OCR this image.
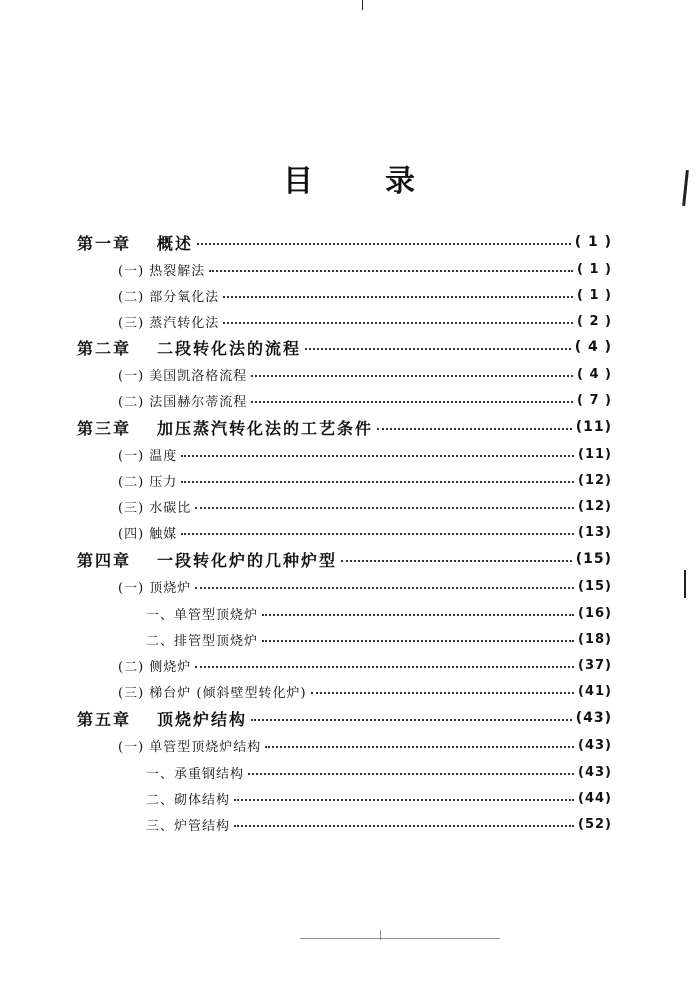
目 录
第一章 概述	( 1 )
(一) 热裂解法	( 1 )
(二) 部分氧化法	( 1 )
(三) 蒸汽转化法	( 2 )
第二章 二段转化法的流程	( 4 )
(一) 美国凯洛格流程	( 4 )
(二) 法国赫尔蒂流程	( 7 )
第三章 加压蒸汽转化法的工艺条件	(11)
(一) 温度	(11)
(二) 压力	(12)
(三) 水碳比	(12)
(四) 触媒	(13)
第四章 一段转化炉的几种炉型	(15)
(一) 顶烧炉	(15)
一、单管型顶烧炉	(16)
二、排管型顶烧炉	(18)
(二) 侧烧炉	(37)
(三) 梯台炉 (倾斜壁型转化炉)	(41)
第五章 顶烧炉结构	(43)
(一) 单管型顶烧炉结构	(43)
一、承重钢结构	(43)
二、砌体结构	(44)
三、炉管结构	(52)
